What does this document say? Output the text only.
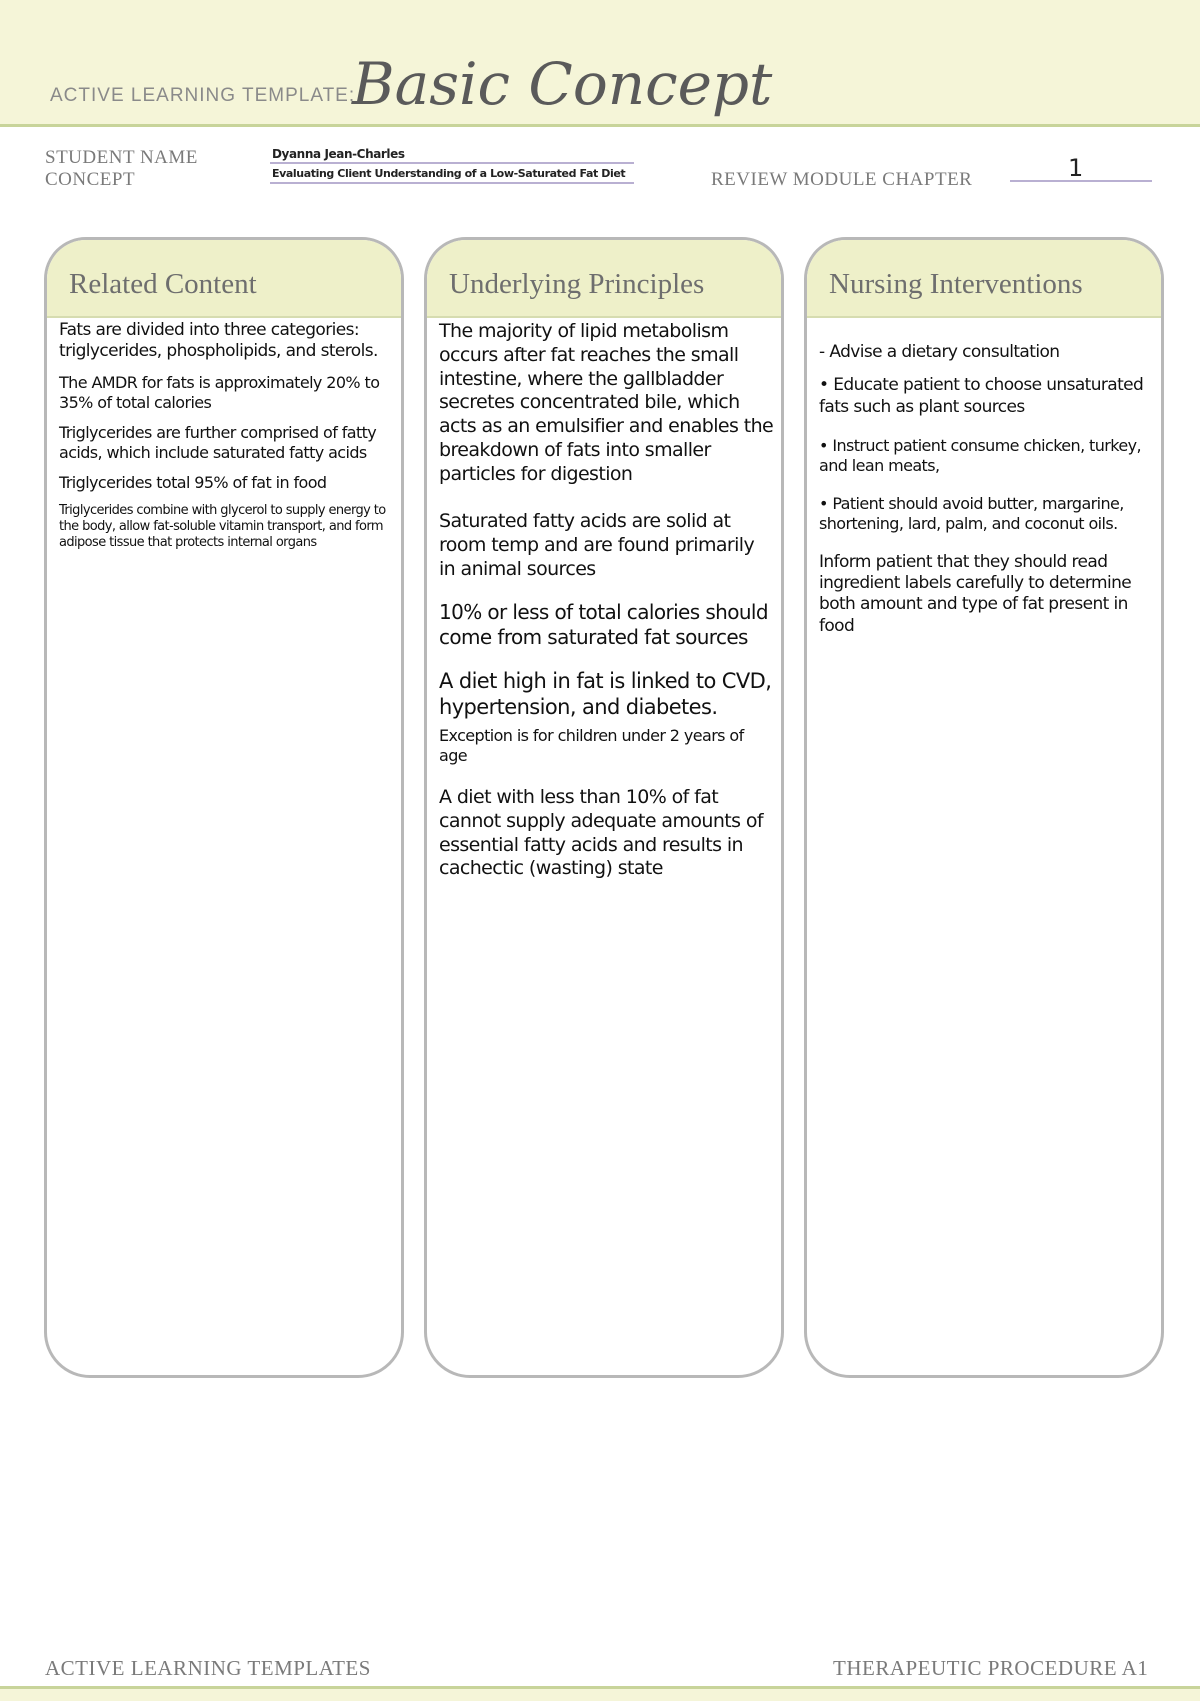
ACTIVE LEARNING TEMPLATE:
Basic Concept
STUDENT NAME
CONCEPT
Dyanna Jean-Charles
Evaluating Client Understanding of a Low-Saturated Fat Diet	REVIEW MODULE CHAPTER	1
Related Content

Fats are divided into three categories: triglycerides, phospholipids, and sterols.

The AMDR for fats is approximately 20% to 35% of total calories

Triglycerides are further comprised of fatty acids, which include saturated fatty acids

Triglycerides total 95% of fat in food

Triglycerides combine with glycerol to supply energy to the body, allow fat-soluble vitamin transport, and form adipose tissue that protects internal organs

Underlying Principles

The majority of lipid metabolism occurs after fat reaches the small intestine, where the gallbladder secretes concentrated bile, which acts as an emulsifier and enables the breakdown of fats into smaller particles for digestion

Saturated fatty acids are solid at room temp and are found primarily in animal sources

10% or less of total calories should come from saturated fat sources

A diet high in fat is linked to CVD, hypertension, and diabetes.

Exception is for children under 2 years of age

A diet with less than 10% of fat cannot supply adequate amounts of essential fatty acids and results in cachectic (wasting) state

Nursing Interventions

- Advise a dietary consultation

• Educate patient to choose unsaturated fats such as plant sources

• Instruct patient consume chicken, turkey, and lean meats,

• Patient should avoid butter, margarine, shortening, lard, palm, and coconut oils.

Inform patient that they should read ingredient labels carefully to determine both amount and type of fat present in food

ACTIVE LEARNING TEMPLATES	THERAPEUTIC PROCEDURE A1
